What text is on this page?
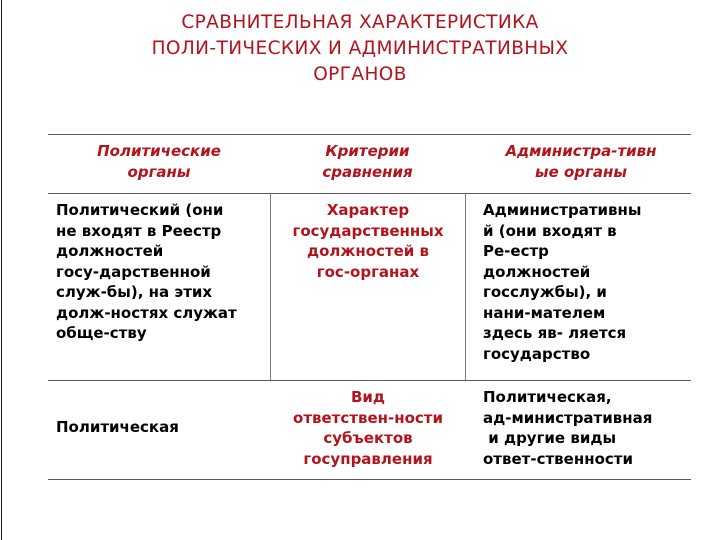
СРАВНИТЕЛЬНАЯ ХАРАКТЕРИСТИКА
ПОЛИ-ТИЧЕСКИХ И АДМИНИСТРАТИВНЫХ
ОРГАНОВ
Политические
органы
Критерии
сравнения
Администра-тивн
ые органы
Политический (они
не входят в Реестр
должностей
госу-дарственной
служ-бы), на этих
долж-ностях служат
обще-ству
Характер
государственных
должностей в
гос-органах
Административны
й (они входят в
Ре-естр
должностей
госслужбы), и
нани-мателем
здесь яв- ляется
государство
Политическая
Вид
ответствен-ности
субъектов
госуправления
Политическая,
ад-министративная
и другие виды
ответ-ственности
